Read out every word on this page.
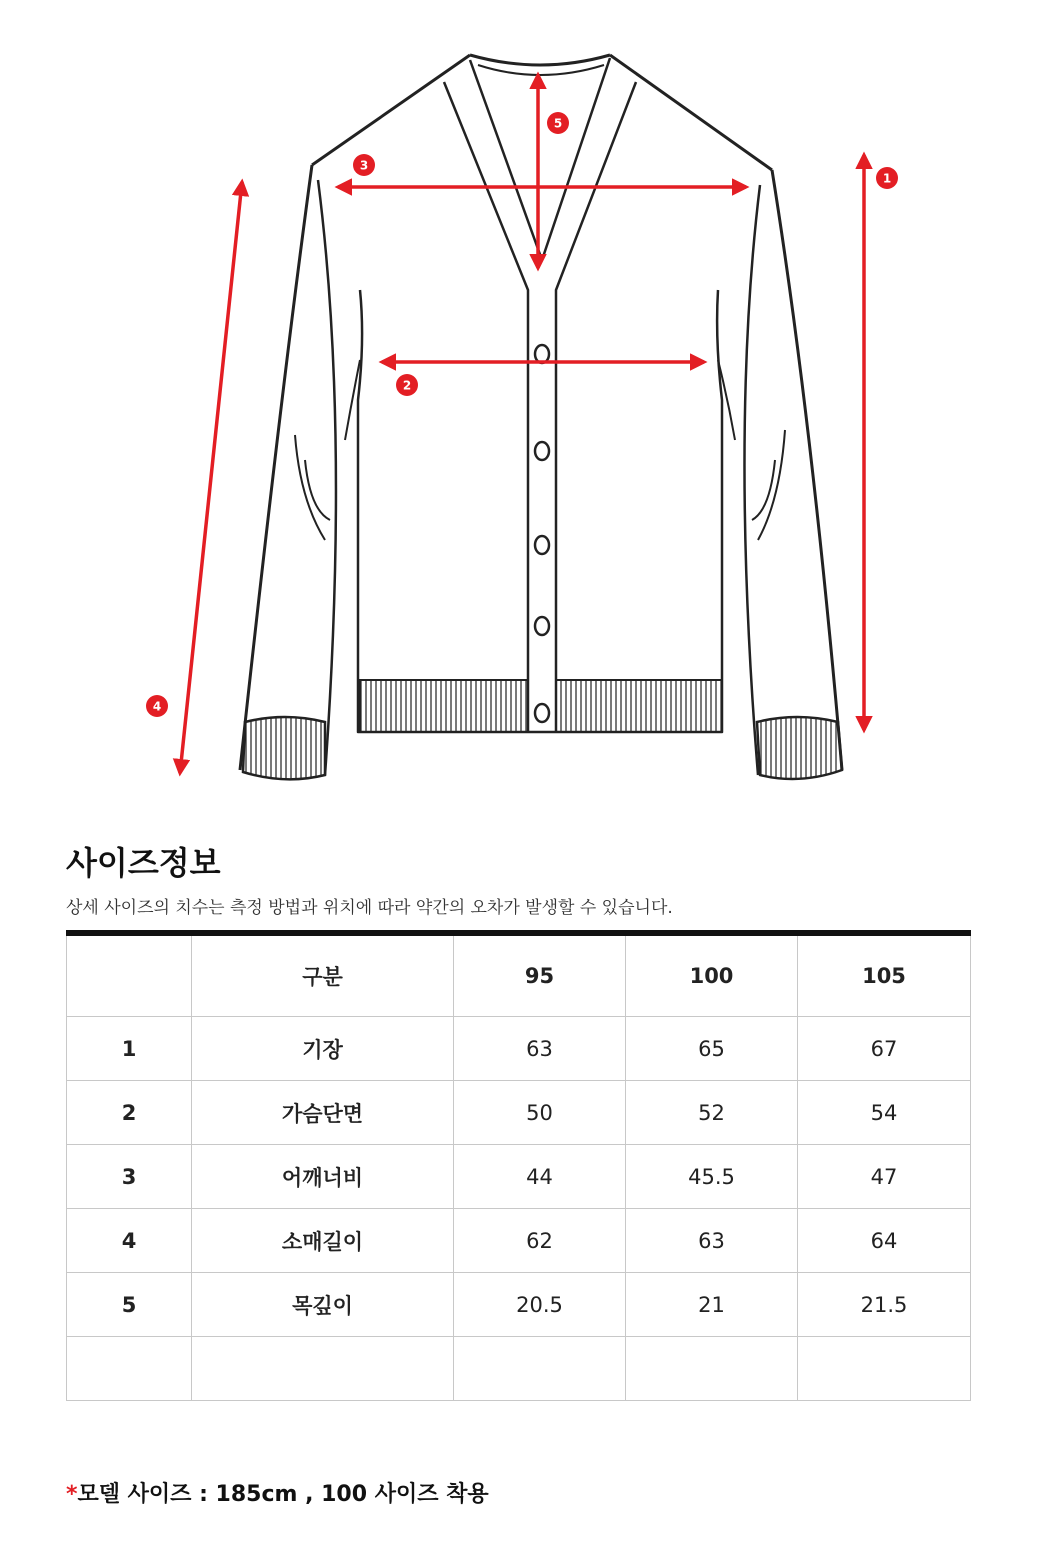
1
2
3
4
5
사이즈정보

상세 사이즈의 치수는 측정 방법과 위치에 따라 약간의 오차가 발생할 수 있습니다.

	구분	95	100	105
1	기장	63	65	67
2	가슴단면	50	52	54
3	어깨너비	44	45.5	47
4	소매길이	62	63	64
5	목깊이	20.5	21	21.5

*모델 사이즈 : 185cm , 100 사이즈 착용
